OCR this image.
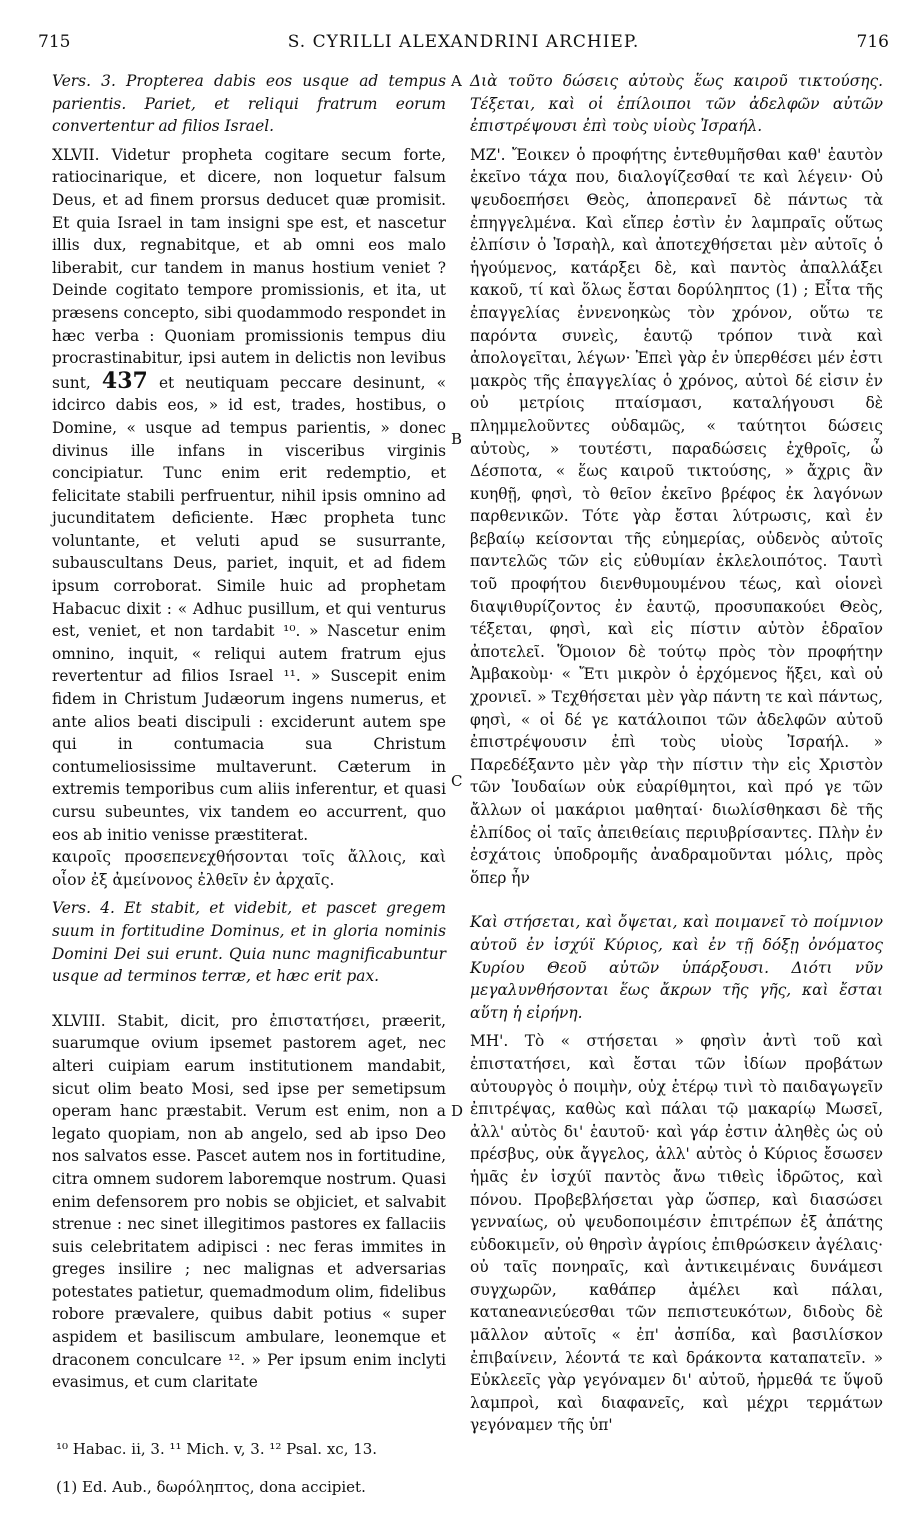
715	S. CYRILLI ALEXANDRINI ARCHIEP.	716
A
B
C
D

Vers. 3. Propterea dabis eos usque ad tempus parientis. Pariet, et reliqui fratrum eorum convertentur ad filios Israel.

XLVII. Videtur propheta cogitare secum forte, ratiocinarique, et dicere, non loquetur falsum Deus, et ad finem prorsus deducet quæ promisit. Et quia Israel in tam insigni spe est, et nascetur illis dux, regnabitque, et ab omni eos malo liberabit, cur tandem in manus hostium veniet ? Deinde cogitato tempore promissionis, et ita, ut præsens concepto, sibi quodammodo respondet in hæc verba : Quoniam promissionis tempus diu procrastinabitur, ipsi autem in delictis non levibus sunt, 437 et neutiquam peccare desinunt, « idcirco dabis eos, » id est, trades, hostibus, o Domine, « usque ad tempus parientis, » donec divinus ille infans in visceribus virginis concipiatur. Tunc enim erit redemptio, et felicitate stabili perfruentur, nihil ipsis omnino ad jucunditatem deficiente. Hæc propheta tunc voluntante, et veluti apud se susurrante, subauscultans Deus, pariet, inquit, et ad fidem ipsum corroborat. Simile huic ad prophetam Habacuc dixit : « Adhuc pusillum, et qui venturus est, veniet, et non tardabit ¹⁰. » Nascetur enim omnino, inquit, « reliqui autem fratrum ejus revertentur ad filios Israel ¹¹. » Suscepit enim fidem in Christum Judæorum ingens numerus, et ante alios beati discipuli : exciderunt autem spe qui in contumacia sua Christum contumeliosissime multaverunt. Cæterum in extremis temporibus cum aliis inferentur, et quasi cursu subeuntes, vix tandem eo accurrent, quo eos ab initio venisse præstiterat.

καιροῖς προσεπενεχθήσονται τοῖς ἄλλοις, καὶ οἷον ἐξ ἀμείνονος ἐλθεῖν ἐν ἀρχαῖς.

Vers. 4. Et stabit, et videbit, et pascet gregem suum in fortitudine Dominus, et in gloria nominis Domini Dei sui erunt. Quia nunc magnificabuntur usque ad terminos terræ, et hæc erit pax.

XLVIII. Stabit, dicit, pro ἐπιστατήσει, præerit, suarumque ovium ipsemet pastorem aget, nec alteri cuipiam earum institutionem mandabit, sicut olim beato Mosi, sed ipse per semetipsum operam hanc præstabit. Verum est enim, non a legato quopiam, non ab angelo, sed ab ipso Deo nos salvatos esse. Pascet autem nos in fortitudine, citra omnem sudorem laboremque nostrum. Quasi enim defensorem pro nobis se objiciet, et salvabit strenue : nec sinet illegitimos pastores ex fallaciis suis celebritatem adipisci : nec feras immites in greges insilire ; nec malignas et adversarias potestates patietur, quemadmodum olim, fidelibus robore prævalere, quibus dabit potius « super aspidem et basiliscum ambulare, leonemque et draconem conculcare ¹². » Per ipsum enim inclyti evasimus, et cum claritate

Διὰ τοῦτο δώσεις αὐτοὺς ἕως καιροῦ τικτούσης. Τέξεται, καὶ οἱ ἐπίλοιποι τῶν ἀδελφῶν αὐτῶν ἐπιστρέψουσι ἐπὶ τοὺς υἱοὺς Ἰσραήλ.

ΜΖ'. Ἔοικεν ὁ προφήτης ἐντεθυμῆσθαι καθ' ἑαυτὸν ἐκεῖνο τάχα που, διαλογίζεσθαί τε καὶ λέγειν· Οὐ ψευδοεπήσει Θεὸς, ἀποπερανεῖ δὲ πάντως τὰ ἐπηγγελμένα. Καὶ εἴπερ ἐστὶν ἐν λαμπραῖς οὕτως ἐλπίσιν ὁ Ἰσραὴλ, καὶ ἀποτεχθήσεται μὲν αὐτοῖς ὁ ἡγούμενος, κατάρξει δὲ, καὶ παντὸς ἀπαλλάξει κακοῦ, τί καὶ ὅλως ἔσται δορύληπτος (1) ; Εἶτα τῆς ἐπαγγελίας ἐννενοηκὼς τὸν χρόνον, οὕτω τε παρόντα συνεὶς, ἑαυτῷ τρόπον τινὰ καὶ ἀπολογεῖται, λέγων· Ἐπεὶ γὰρ ἐν ὑπερθέσει μέν ἐστι μακρὸς τῆς ἐπαγγελίας ὁ χρόνος, αὐτοὶ δέ εἰσιν ἐν οὐ μετρίοις πταίσμασι, καταλήγουσι δὲ πλημμελοῦντες οὐδαμῶς, « ταύτητοι δώσεις αὐτοὺς, » τουτέστι, παραδώσεις ἐχθροῖς, ὦ Δέσποτα, « ἕως καιροῦ τικτούσης, » ἄχρις ἂν κυηθῇ, φησὶ, τὸ θεῖον ἐκεῖνο βρέφος ἐκ λαγόνων παρθενικῶν. Τότε γὰρ ἔσται λύτρωσις, καὶ ἐν βεβαίῳ κείσονται τῆς εὐημερίας, οὐδενὸς αὐτοῖς παντελῶς τῶν εἰς εὐθυμίαν ἐκλελοιπότος. Ταυτὶ τοῦ προφήτου διενθυμουμένου τέως, καὶ οἱονεὶ διαψιθυρίζοντος ἐν ἑαυτῷ, προσυπακούει Θεὸς, τέξεται, φησὶ, καὶ εἰς πίστιν αὐτὸν ἑδραῖον ἀποτελεῖ. Ὅμοιον δὲ τούτῳ πρὸς τὸν προφήτην Ἀμβακοὺμ· « Ἔτι μικρὸν ὁ ἐρχόμενος ἥξει, καὶ οὐ χρονιεῖ. » Τεχθήσεται μὲν γὰρ πάντη τε καὶ πάντως, φησὶ, « οἱ δέ γε κατάλοιποι τῶν ἀδελφῶν αὐτοῦ ἐπιστρέψουσιν ἐπὶ τοὺς υἱοὺς Ἰσραήλ. » Παρεδέξαντο μὲν γὰρ τὴν πίστιν τὴν εἰς Χριστὸν τῶν Ἰουδαίων οὐκ εὐαρίθμητοι, καὶ πρό γε τῶν ἄλλων οἱ μακάριοι μαθηταί· διωλίσθηκασι δὲ τῆς ἐλπίδος οἱ ταῖς ἀπειθείαις περιυβρίσαντες. Πλὴν ἐν ἐσχάτοις ὑποδρομῆς ἀναδραμοῦνται μόλις, πρὸς ὅπερ ἦν

Καὶ στήσεται, καὶ ὄψεται, καὶ ποιμανεῖ τὸ ποίμνιον αὐτοῦ ἐν ἰσχύϊ Κύριος, καὶ ἐν τῇ δόξῃ ὀνόματος Κυρίου Θεοῦ αὐτῶν ὑπάρξουσι. Διότι νῦν μεγαλυνθήσονται ἕως ἄκρων τῆς γῆς, καὶ ἔσται αὕτη ἡ εἰρήνη.

ΜΗ'. Τὸ « στήσεται » φησὶν ἀντὶ τοῦ καὶ ἐπιστατήσει, καὶ ἔσται τῶν ἰδίων προβάτων αὐτουργὸς ὁ ποιμὴν, οὐχ ἑτέρῳ τινὶ τὸ παιδαγωγεῖν ἐπιτρέψας, καθὼς καὶ πάλαι τῷ μακαρίῳ Μωσεῖ, ἀλλ' αὐτὸς δι' ἑαυτοῦ· καὶ γάρ ἐστιν ἀληθὲς ὡς οὐ πρέσβυς, οὐκ ἄγγελος, ἀλλ' αὐτὸς ὁ Κύριος ἔσωσεν ἡμᾶς ἐν ἰσχύϊ παντὸς ἄνω τιθεὶς ἱδρῶτος, καὶ πόνου. Προβεβλήσεται γὰρ ὥσπερ, καὶ διασώσει γενναίως, οὐ ψευδοποιμέσιν ἐπιτρέπων ἐξ ἀπάτης εὐδοκιμεῖν, οὐ θηρσὶν ἀγρίοις ἐπιθρώσκειν ἀγέλαις· οὐ ταῖς πονηραῖς, καὶ ἀντικειμέναις δυνάμεσι συγχωρῶν, καθάπερ ἀμέλει καὶ πάλαι, καταneανιεύεσθαι τῶν πεπιστευκότων, διδοὺς δὲ μᾶλλον αὐτοῖς « ἐπ' ἀσπίδα, καὶ βασιλίσκον ἐπιβαίνειν, λέοντά τε καὶ δράκοντα καταπατεῖν. » Εὐκλεεῖς γὰρ γεγόναμεν δι' αὐτοῦ, ἠρμεθά τε ὕψοῦ λαμπροὶ, καὶ διαφανεῖς, καὶ μέχρι τερμάτων γεγόναμεν τῆς ὑπ'

¹⁰ Habac. ii, 3. ¹¹ Mich. v, 3. ¹² Psal. xc, 13.
(1) Ed. Aub., δωρόληπτος, dona accipiet.
